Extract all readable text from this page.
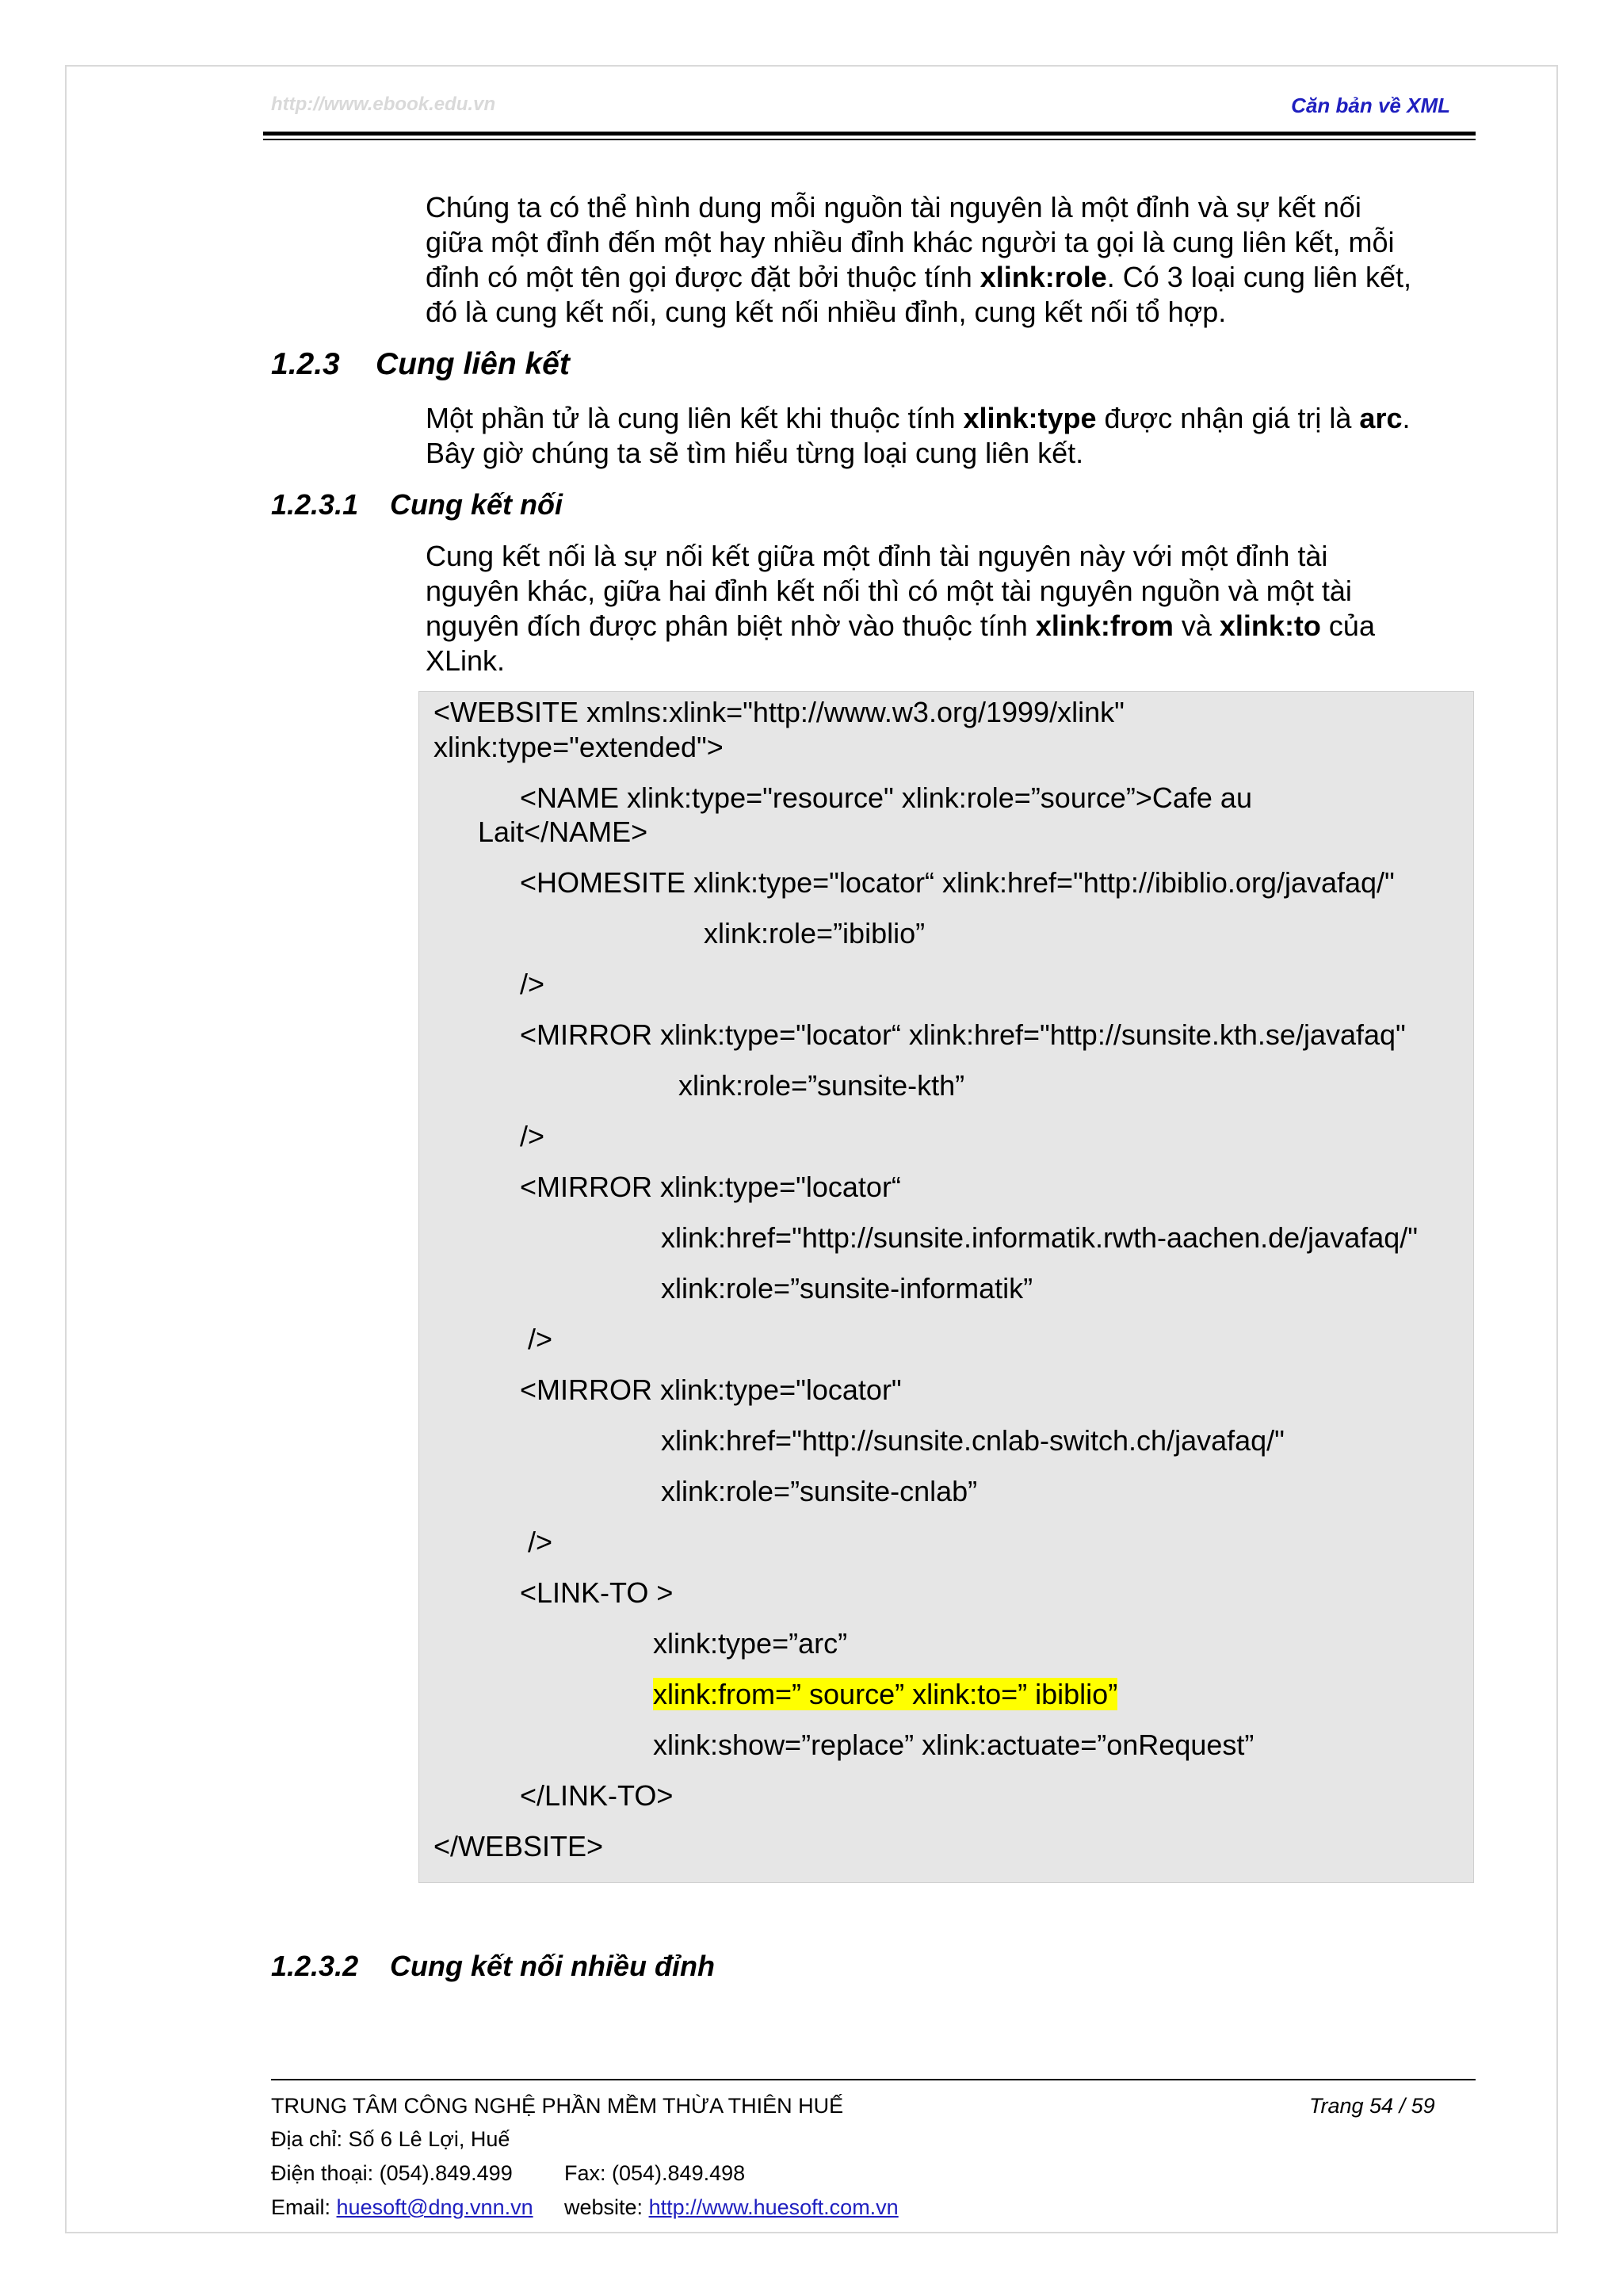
http://www.ebook.edu.vn	Căn bản về XML
Chúng ta có thể hình dung mỗi nguồn tài nguyên là một đỉnh và sự kết nối
giữa một đỉnh đến một hay nhiều đỉnh khác người ta gọi là cung liên kết, mỗi
đỉnh có một tên gọi được đặt bởi thuộc tính xlink:role. Có 3 loại cung liên kết,
đó là cung kết nối, cung kết nối nhiều đỉnh, cung kết nối tổ hợp.
1.2.3 Cung liên kết
Một phần tử là cung liên kết khi thuộc tính xlink:type được nhận giá trị là arc.
Bây giờ chúng ta sẽ tìm hiểu từng loại cung liên kết.
1.2.3.1 Cung kết nối
Cung kết nối là sự nối kết giữa một đỉnh tài nguyên này với một đỉnh tài
nguyên khác, giữa hai đỉnh kết nối thì có một tài nguyên nguồn và một tài
nguyên đích được phân biệt nhờ vào thuộc tính xlink:from và xlink:to của
XLink.
<WEBSITE xmlns:xlink="http://www.w3.org/1999/xlink"
xlink:type="extended">
<NAME xlink:type="resource" xlink:role=”source”>Cafe au
Lait</NAME>
<HOMESITE xlink:type="locator“ xlink:href="http://ibiblio.org/javafaq/"
xlink:role=”ibiblio”
/>
<MIRROR xlink:type="locator“ xlink:href="http://sunsite.kth.se/javafaq"
xlink:role=”sunsite-kth”
/>
<MIRROR xlink:type="locator“
xlink:href="http://sunsite.informatik.rwth-aachen.de/javafaq/"
xlink:role=”sunsite-informatik”
/>
<MIRROR xlink:type="locator"
xlink:href="http://sunsite.cnlab-switch.ch/javafaq/"
xlink:role=”sunsite-cnlab”
/>
<LINK-TO >
xlink:type=”arc”
xlink:from=” source” xlink:to=” ibiblio”
xlink:show=”replace” xlink:actuate=”onRequest”
</LINK-TO>
</WEBSITE>
1.2.3.2 Cung kết nối nhiều đỉnh
TRUNG TÂM CÔNG NGHỆ PHẦN MỀM THỪA THIÊN HUẾ	Trang 54 / 59
Địa chỉ: Số 6 Lê Lợi, Huế
Điện thoại: (054).849.499 Fax: (054).849.498
Email: huesoft@dng.vnn.vn website: http://www.huesoft.com.vn
